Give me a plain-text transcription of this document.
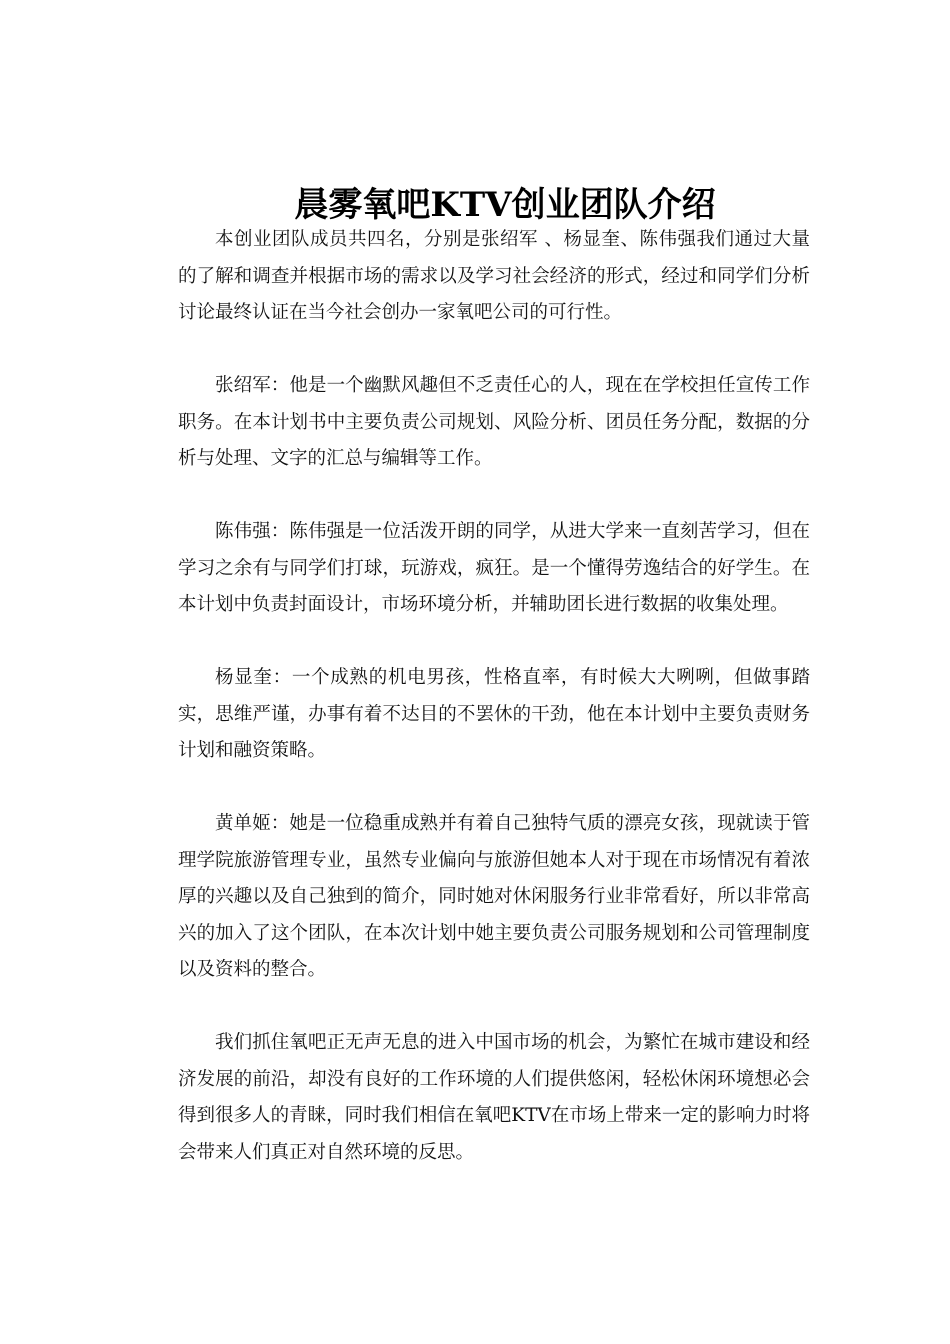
晨雾氧吧KTV创业团队介绍

本创业团队成员共四名，分别是张绍军 、杨显奎、陈伟强我们通过大量的了解和调查并根据市场的需求以及学习社会经济的形式，经过和同学们分析讨论最终认证在当今社会创办一家氧吧公司的可行性。

张绍军：他是一个幽默风趣但不乏责任心的人，现在在学校担任宣传工作职务。在本计划书中主要负责公司规划、风险分析、团员任务分配，数据的分析与处理、文字的汇总与编辑等工作。

陈伟强：陈伟强是一位活泼开朗的同学，从进大学来一直刻苦学习，但在学习之余有与同学们打球，玩游戏，疯狂。是一个懂得劳逸结合的好学生。在本计划中负责封面设计，市场环境分析，并辅助团长进行数据的收集处理。

杨显奎：一个成熟的机电男孩，性格直率，有时候大大咧咧，但做事踏实，思维严谨，办事有着不达目的不罢休的干劲，他在本计划中主要负责财务计划和融资策略。

黄单姬：她是一位稳重成熟并有着自己独特气质的漂亮女孩，现就读于管理学院旅游管理专业，虽然专业偏向与旅游但她本人对于现在市场情况有着浓厚的兴趣以及自己独到的简介，同时她对休闲服务行业非常看好，所以非常高兴的加入了这个团队，在本次计划中她主要负责公司服务规划和公司管理制度以及资料的整合。

我们抓住氧吧正无声无息的进入中国市场的机会，为繁忙在城市建设和经济发展的前沿，却没有良好的工作环境的人们提供悠闲，轻松休闲环境想必会得到很多人的青睐，同时我们相信在氧吧KTV在市场上带来一定的影响力时将会带来人们真正对自然环境的反思。
